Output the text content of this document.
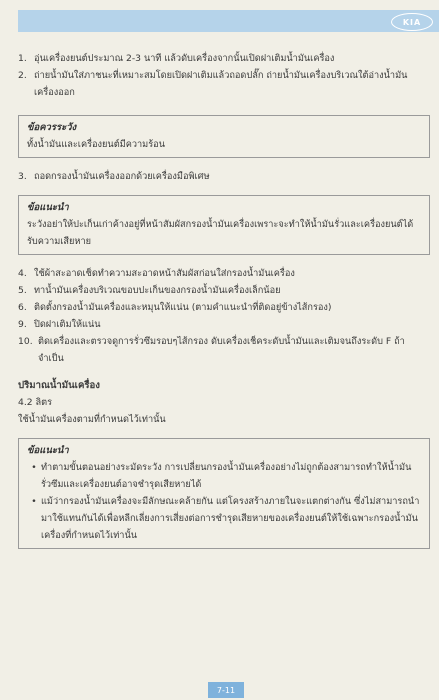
KIA
1. อุ่นเครื่องยนต์ประมาณ 2-3 นาที แล้วดับเครื่องจากนั้นเปิดฝาเติมน้ำมันเครื่อง
2. ถ่ายน้ำมันใส่ภาชนะที่เหมาะสมโดยเปิดฝาเติมแล้วถอดปลั๊ก ถ่ายน้ำมันเครื่องบริเวณใต้อ่างน้ำมันเครื่องออก
ข้อควรระวัง
ทั้งน้ำมันและเครื่องยนต์มีความร้อน
3. ถอดกรองน้ำมันเครื่องออกด้วยเครื่องมือพิเศษ
ข้อแนะนำ
ระวังอย่าให้ปะเก็นเก่าค้างอยู่ที่หน้าสัมผัสกรองน้ำมันเครื่องเพราะจะทำให้น้ำมันรั่วและเครื่องยนต์ได้รับความเสียหาย
4. ใช้ผ้าสะอาดเช็ดทำความสะอาดหน้าสัมผัสก่อนใส่กรองน้ำมันเครื่อง
5. ทาน้ำมันเครื่องบริเวณขอบปะเก็นของกรองน้ำมันเครื่องเล็กน้อย
6. ติดตั้งกรองน้ำมันเครื่องและหมุนให้แน่น (ตามคำแนะนำที่ติดอยู่ข้างไส้กรอง)
9. ปิดฝาเติมให้แน่น
10. ติดเครื่องและตรวจดูการรั่วซึมรอบๆไส้กรอง ดับเครื่องเช็คระดับน้ำมันและเติมจนถึงระดับ F ถ้าจำเป็น
ปริมาณน้ำมันเครื่อง
4.2 ลิตร
ใช้น้ำมันเครื่องตามที่กำหนดไว้เท่านั้น
ข้อแนะนำ
• ทำตามขั้นตอนอย่างระมัดระวัง การเปลี่ยนกรองน้ำมันเครื่องอย่างไม่ถูกต้องสามารถทำให้น้ำมันรั่วซึมและเครื่องยนต์อาจชำรุดเสียหายได้
• แม้ว่ากรองน้ำมันเครื่องจะมีลักษณะคล้ายกัน แต่โครงสร้างภายในจะแตกต่างกัน ซึ่งไม่สามารถนำมาใช้แทนกันได้เพื่อหลีกเลี่ยงการเสี่ยงต่อการชำรุดเสียหายของเครื่องยนต์ให้ใช้เฉพาะกรองน้ำมันเครื่องที่กำหนดไว้เท่านั้น
7-11
